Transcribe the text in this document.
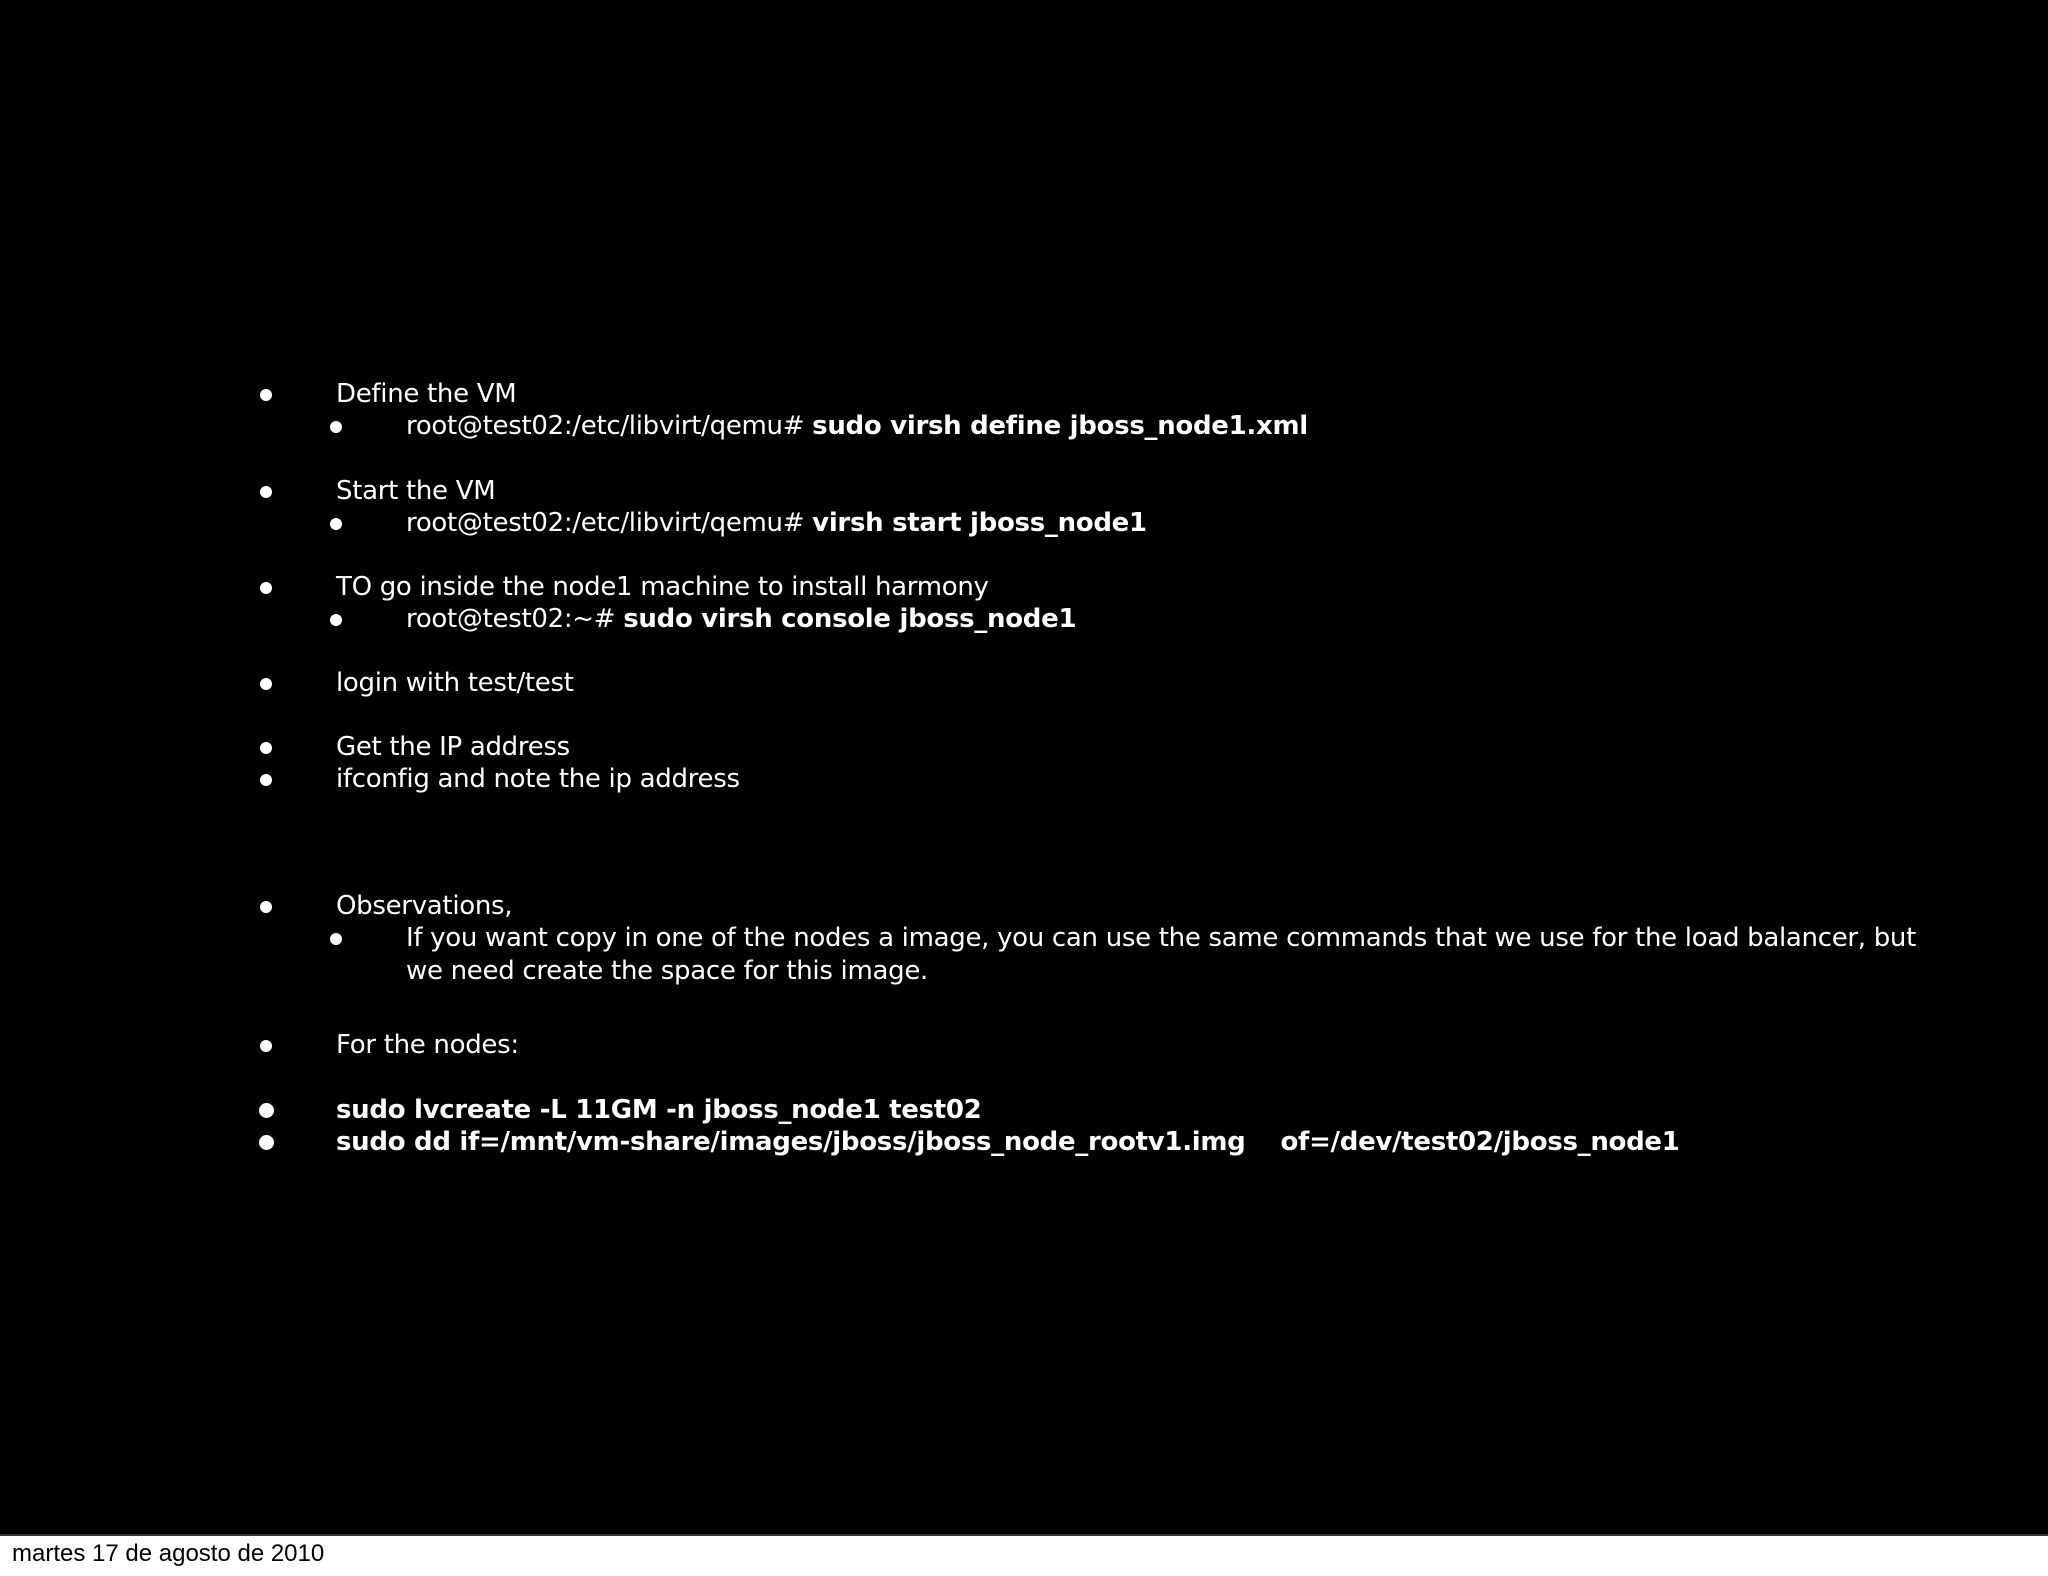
Define the VM
root@test02:/etc/libvirt/qemu# sudo virsh define jboss_node1.xml
Start the VM
root@test02:/etc/libvirt/qemu# virsh start jboss_node1
TO go inside the node1 machine to install harmony
root@test02:~# sudo virsh console jboss_node1
login with test/test
Get the IP address
ifconfig and note the ip address
Observations,
If you want copy in one of the nodes a image, you can use the same commands that we use for the load balancer, but
we need create the space for this image.
For the nodes:
sudo lvcreate -L 11GM -n jboss_node1 test02
sudo dd if=/mnt/vm-share/images/jboss/jboss_node_rootv1.img    of=/dev/test02/jboss_node1
martes 17 de agosto de 2010
